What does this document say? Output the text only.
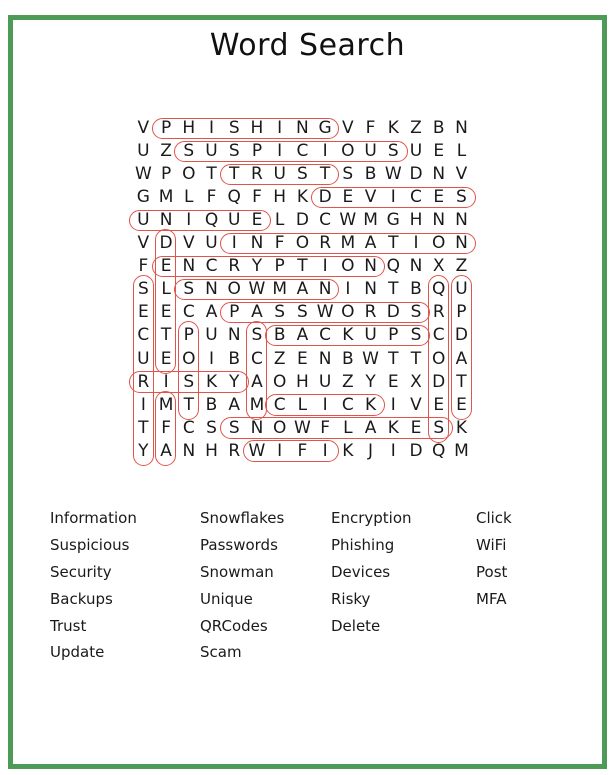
Word Search
V P H I S H I N G V F K Z B N
U Z S U S P I C I O U S U E L
W P O T T R U S T S B W D N V
G M L F Q F H K D E V I C E S
U N I Q U E L D C W M G H N N
V D V U I N F O R M A T I O N
F E N C R Y P T I O N Q N X Z
S L S N O W M A N I N T B Q U
E E C A P A S S W O R D S R P
C T P U N S B A C K U P S C D
U E O I B C Z E N B W T T O A
R I S K Y A O H U Z Y E X D T
I M T B A M C L I C K I V E E
T F C S S N O W F L A K E S K
Y A N H R W I F I K J	I D Q M
Information
Suspicious
Security
Backups
Trust
Update
Snowflakes
Passwords
Snowman
Unique
QRCodes
Scam
Encryption
Phishing
Devices
Risky
Delete
Click
WiFi
Post
MFA
